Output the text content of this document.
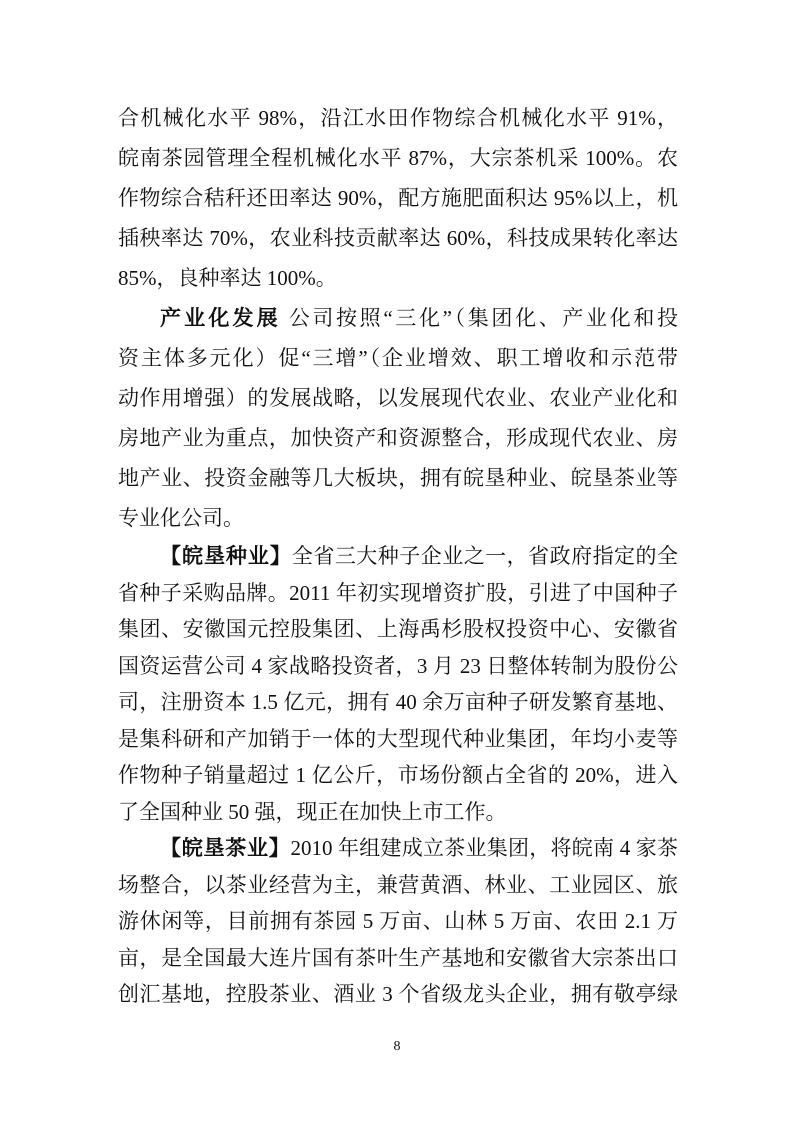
合机械化水平 98%，沿江水田作物综合机械化水平 91%，
皖南茶园管理全程机械化水平 87%，大宗茶机采 100%。农
作物综合秸秆还田率达 90%，配方施肥面积达 95%以上，机
插秧率达 70%，农业科技贡献率达 60%，科技成果转化率达
85%，良种率达 100%。
产业化发展 公司按照“三化”（集团化、产业化和投
资主体多元化）促“三增”（企业增效、职工增收和示范带
动作用增强）的发展战略，以发展现代农业、农业产业化和
房地产业为重点，加快资产和资源整合，形成现代农业、房
地产业、投资金融等几大板块，拥有皖垦种业、皖垦茶业等
专业化公司。
【皖垦种业】全省三大种子企业之一，省政府指定的全
省种子采购品牌。2011 年初实现增资扩股，引进了中国种子
集团、安徽国元控股集团、上海禹杉股权投资中心、安徽省
国资运营公司 4 家战略投资者，3 月 23 日整体转制为股份公
司，注册资本 1.5 亿元，拥有 40 余万亩种子研发繁育基地、
是集科研和产加销于一体的大型现代种业集团，年均小麦等
作物种子销量超过 1 亿公斤，市场份额占全省的 20%，进入
了全国种业 50 强，现正在加快上市工作。
【皖垦茶业】2010 年组建成立茶业集团，将皖南 4 家茶
场整合，以茶业经营为主，兼营黄酒、林业、工业园区、旅
游休闲等，目前拥有茶园 5 万亩、山林 5 万亩、农田 2.1 万
亩，是全国最大连片国有茶叶生产基地和安徽省大宗茶出口
创汇基地，控股茶业、酒业 3 个省级龙头企业，拥有敬亭绿
8
